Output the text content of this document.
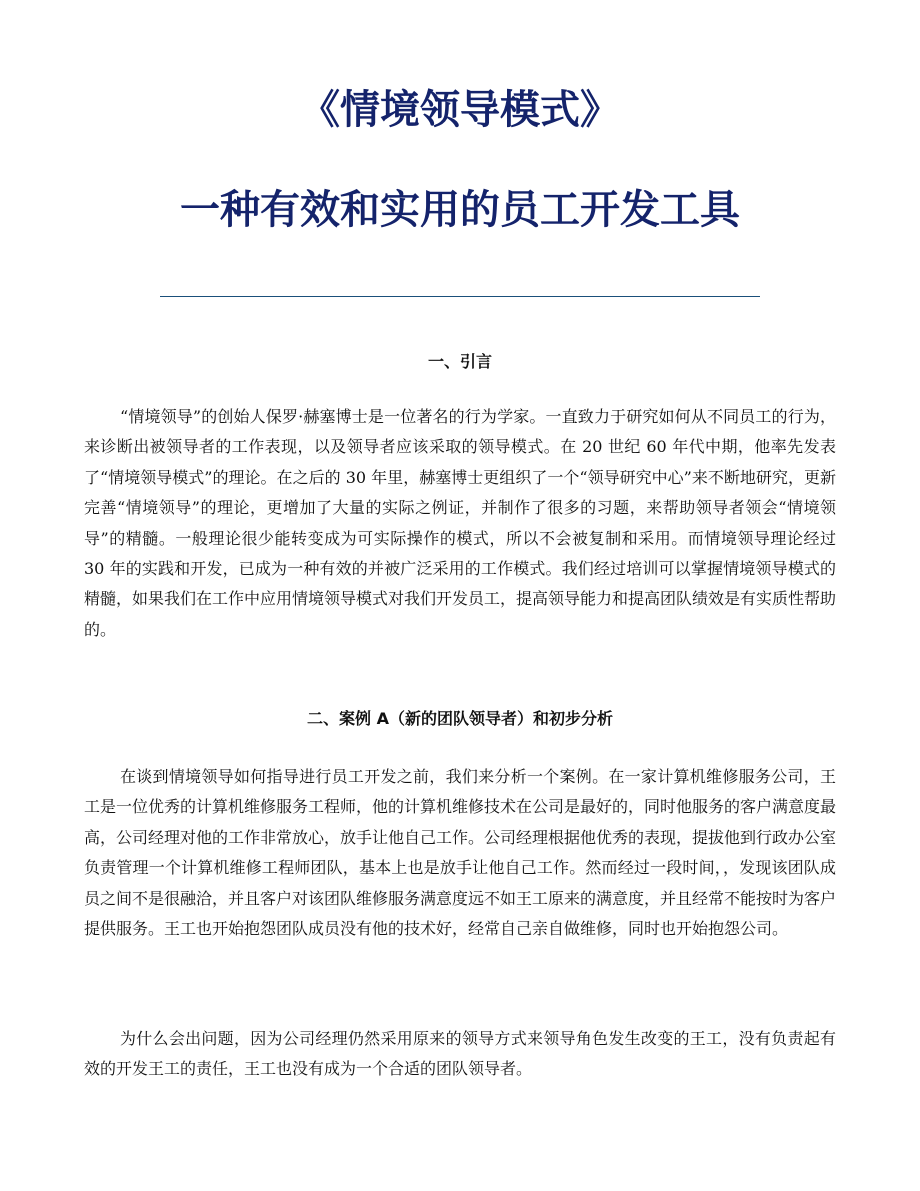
《情境领导模式》
一种有效和实用的员工开发工具
一、引言

“情境领导”的创始人保罗·赫塞博士是一位著名的行为学家。一直致力于研究如何从不同员工的行为，来诊断出被领导者的工作表现，以及领导者应该采取的领导模式。在 20 世纪 60 年代中期，他率先发表了“情境领导模式”的理论。在之后的 30 年里，赫塞博士更组织了一个“领导研究中心”来不断地研究，更新完善“情境领导”的理论，更增加了大量的实际之例证，并制作了很多的习题，来帮助领导者领会“情境领导”的精髓。一般理论很少能转变成为可实际操作的模式，所以不会被复制和采用。而情境领导理论经过 30 年的实践和开发，已成为一种有效的并被广泛采用的工作模式。我们经过培训可以掌握情境领导模式的精髓，如果我们在工作中应用情境领导模式对我们开发员工，提高领导能力和提高团队绩效是有实质性帮助的。

二、案例 A（新的团队领导者）和初步分析

在谈到情境领导如何指导进行员工开发之前，我们来分析一个案例。在一家计算机维修服务公司，王工是一位优秀的计算机维修服务工程师，他的计算机维修技术在公司是最好的，同时他服务的客户满意度最高，公司经理对他的工作非常放心，放手让他自己工作。公司经理根据他优秀的表现，提拔他到行政办公室负责管理一个计算机维修工程师团队，基本上也是放手让他自己工作。然而经过一段时间，，发现该团队成员之间不是很融洽，并且客户对该团队维修服务满意度远不如王工原来的满意度，并且经常不能按时为客户提供服务。王工也开始抱怨团队成员没有他的技术好，经常自己亲自做维修，同时也开始抱怨公司。

为什么会出问题，因为公司经理仍然采用原来的领导方式来领导角色发生改变的王工，没有负责起有效的开发王工的责任，王工也没有成为一个合适的团队领导者。
